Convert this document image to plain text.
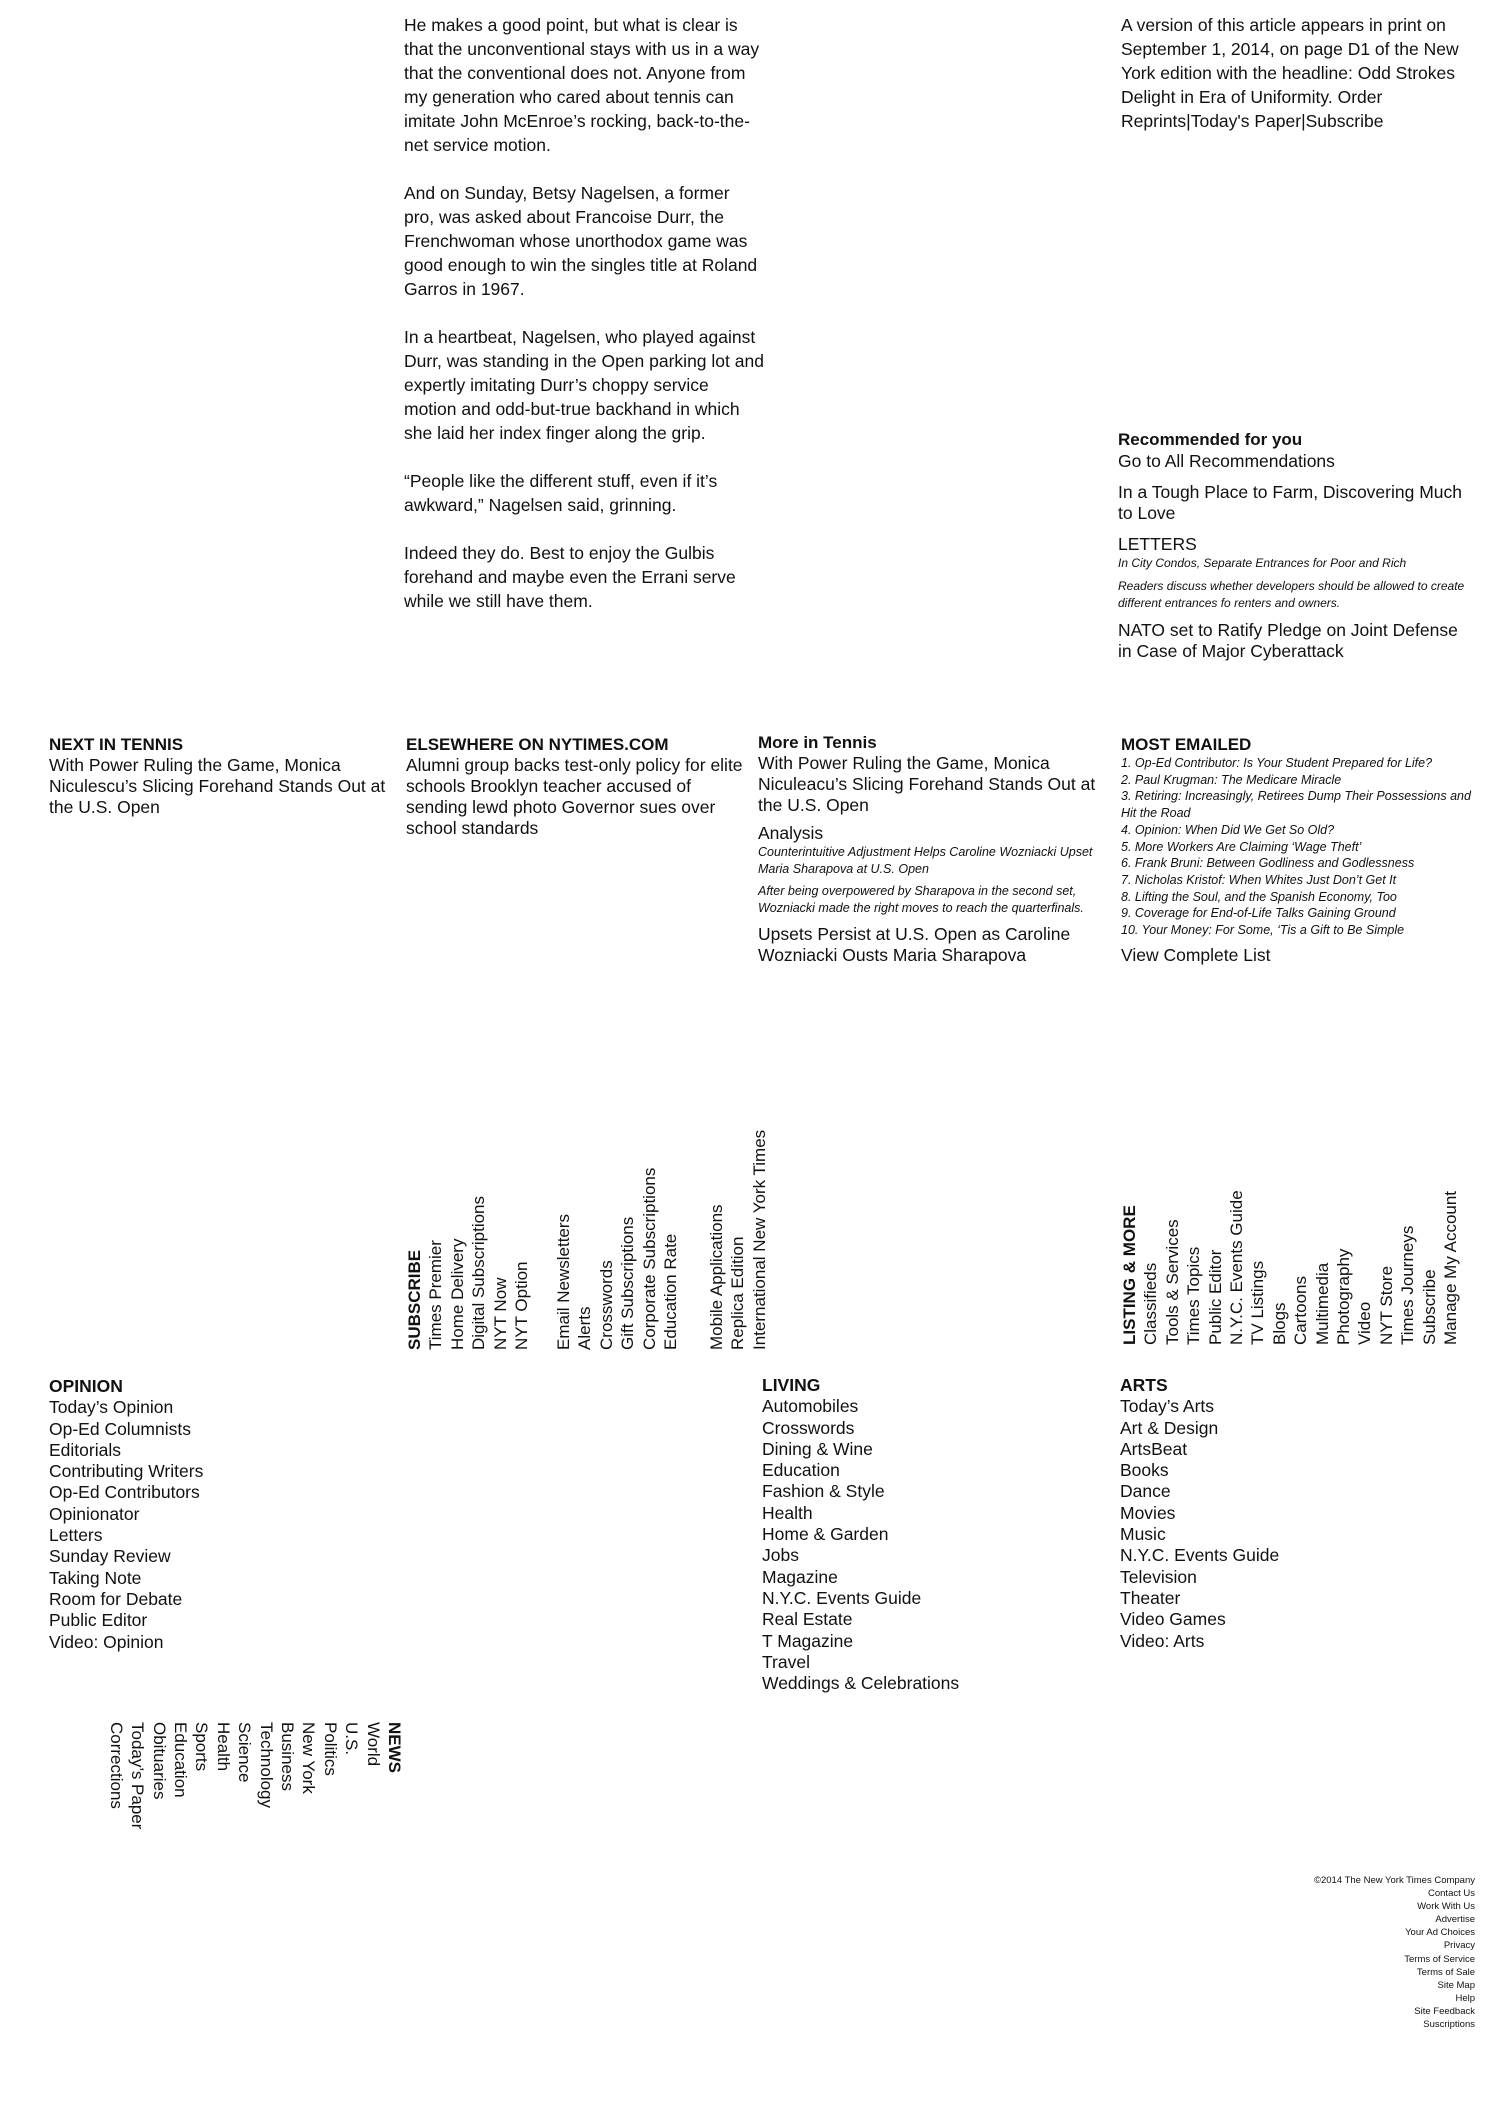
He makes a good point, but what is clear is that the unconventional stays with us in a way that the conventional does not. Anyone from my generation who cared about tennis can imitate John McEnroe’s rocking, back-to-the-net service motion.

And on Sunday, Betsy Nagelsen, a former pro, was asked about Francoise Durr, the Frenchwoman whose unorthodox game was good enough to win the singles title at Roland Garros in 1967.

In a heartbeat, Nagelsen, who played against Durr, was standing in the Open parking lot and expertly imitating Durr’s choppy service motion and odd-but-true backhand in which she laid her index finger along the grip.

“People like the different stuff, even if it’s awkward,” Nagelsen said, grinning.

Indeed they do. Best to enjoy the Gulbis forehand and maybe even the Errani serve while we still have them.

A version of this article appears in print on September 1, 2014, on page D1 of the New York edition with the headline: Odd Strokes Delight in Era of Uniformity. Order Reprints|Today's Paper|Subscribe
Recommended for you
Go to All Recommendations
In a Tough Place to Farm, Discovering Much to Love
LETTERS
In City Condos, Separate Entrances for Poor and Rich
Readers discuss whether developers should be allowed to create different entrances fo renters and owners.
NATO set to Ratify Pledge on Joint Defense in Case of Major Cyberattack
NEXT IN TENNIS
With Power Ruling the Game, Monica Niculescu’s Slicing Forehand Stands Out at the U.S. Open
ELSEWHERE ON NYTIMES.COM
Alumni group backs test-only policy for elite schools Brooklyn teacher accused of sending lewd photo Governor sues over school standards
More in Tennis
With Power Ruling the Game, Monica Niculeacu’s Slicing Forehand Stands Out at the U.S. Open
Analysis
Counterintuitive Adjustment Helps Caroline Wozniacki Upset Maria Sharapova at U.S. Open
After being overpowered by Sharapova in the second set, Wozniacki made the right moves to reach the quarterfinals.
Upsets Persist at U.S. Open as Caroline Wozniacki Ousts Maria Sharapova
MOST EMAILED
1. Op-Ed Contributor: Is Your Student Prepared for Life?
2. Paul Krugman: The Medicare Miracle
3. Retiring: Increasingly, Retirees Dump Their Possessions and Hit the Road
4. Opinion: When Did We Get So Old?
5. More Workers Are Claiming ‘Wage Theft’
6. Frank Bruni: Between Godliness and Godlessness
7. Nicholas Kristof: When Whites Just Don’t Get It
8. Lifting the Soul, and the Spanish Economy, Too
9. Coverage for End-of-Life Talks Gaining Ground
10. Your Money: For Some, ‘Tis a Gift to Be Simple
View Complete List
SUBSCRIBE Times Premier Home Delivery Digital Subscriptions NYT Now NYT Option Email Newsletters Alerts Crosswords Gift Subscriptions Corporate Subscriptions Education Rate Mobile Applications Replica Edition International New York Times	LISTING & MORE Classifieds Tools & Services Times Topics Public Editor N.Y.C. Events Guide TV Listings Blogs Cartoons Multimedia Photography Video NYT Store Times Journeys Subscribe Manage My Account
OPINION
Today’s Opinion
Op-Ed Columnists
Editorials
Contributing Writers
Op-Ed Contributors
Opinionator
Letters
Sunday Review
Taking Note
Room for Debate
Public Editor
Video: Opinion
LIVING
Automobiles
Crosswords
Dining & Wine
Education
Fashion & Style
Health
Home & Garden
Jobs
Magazine
N.Y.C. Events Guide
Real Estate
T Magazine
Travel
Weddings & Celebrations
ARTS
Today’s Arts
Art & Design
ArtsBeat
Books
Dance
Movies
Music
N.Y.C. Events Guide
Television
Theater
Video Games
Video: Arts
NEWS
World
U.S.
Politics
New York
Business
Technology
Science
Health
Sports
Education
Obituaries
Today’s Paper
Corrections
©2014 The New York Times Company
Contact Us
Work With Us
Advertise
Your Ad Choices
Privacy
Terms of Service
Terms of Sale
Site Map
Help
Site Feedback
Suscriptions
